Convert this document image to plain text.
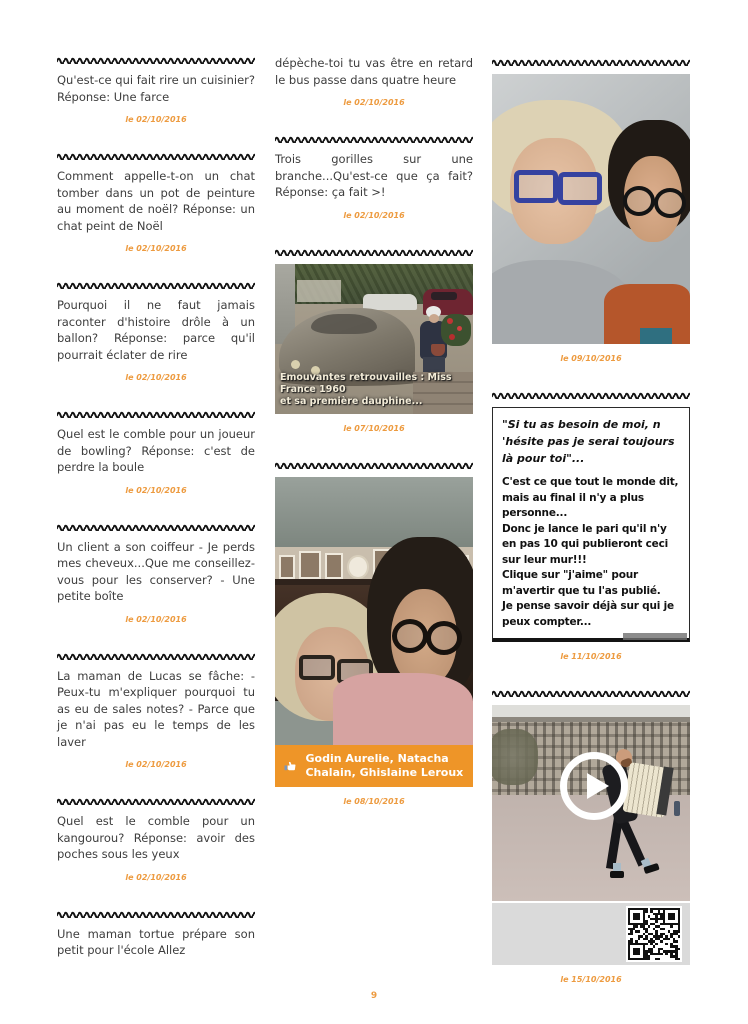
Qu'est-ce qui fait rire un cuisinier? Réponse: Une farce

le 02/10/2016

Comment appelle-t-on un chat tomber dans un pot de peinture au moment de noël? Réponse: un chat peint de Noël

le 02/10/2016

Pourquoi il ne faut jamais raconter d'histoire drôle à un ballon? Réponse: parce qu'il pourrait éclater de rire

le 02/10/2016

Quel est le comble pour un joueur de bowling? Réponse: c'est de perdre la boule

le 02/10/2016

Un client a son coiffeur - Je perds mes cheveux...Que me conseillez-vous pour les conserver? - Une petite boîte

le 02/10/2016

La maman de Lucas se fâche: - Peux-tu m'expliquer pourquoi tu as eu de sales notes? - Parce que je n'ai pas eu le temps de les laver

le 02/10/2016

Quel est le comble pour un kangourou? Réponse: avoir des poches sous les yeux

le 02/10/2016

Une maman tortue prépare son petit pour l'école Allez

dépèche-toi tu vas être en retard le bus passe dans quatre heure

le 02/10/2016

Trois gorilles sur une branche...Qu'est-ce que ça fait? Réponse: ça fait >!

le 02/10/2016
Emouvantes retrouvailles : Miss France 1960
et sa première dauphine...
le 07/10/2016
Godin Aurelie, Natacha Chalain, Ghislaine Leroux
le 08/10/2016
le 09/10/2016

"Si tu as besoin de moi, n 'hésite pas je serai toujours là pour toi"...

C'est ce que tout le monde dit, mais au final il n'y a plus personne...

Donc je lance le pari qu'il n'y en pas 10 qui publieront ceci sur leur mur!!!

Clique sur "j'aime" pour m'avertir que tu l'as publié.

Je pense savoir déjà sur qui je peux compter...

le 11/10/2016
le 15/10/2016
9
